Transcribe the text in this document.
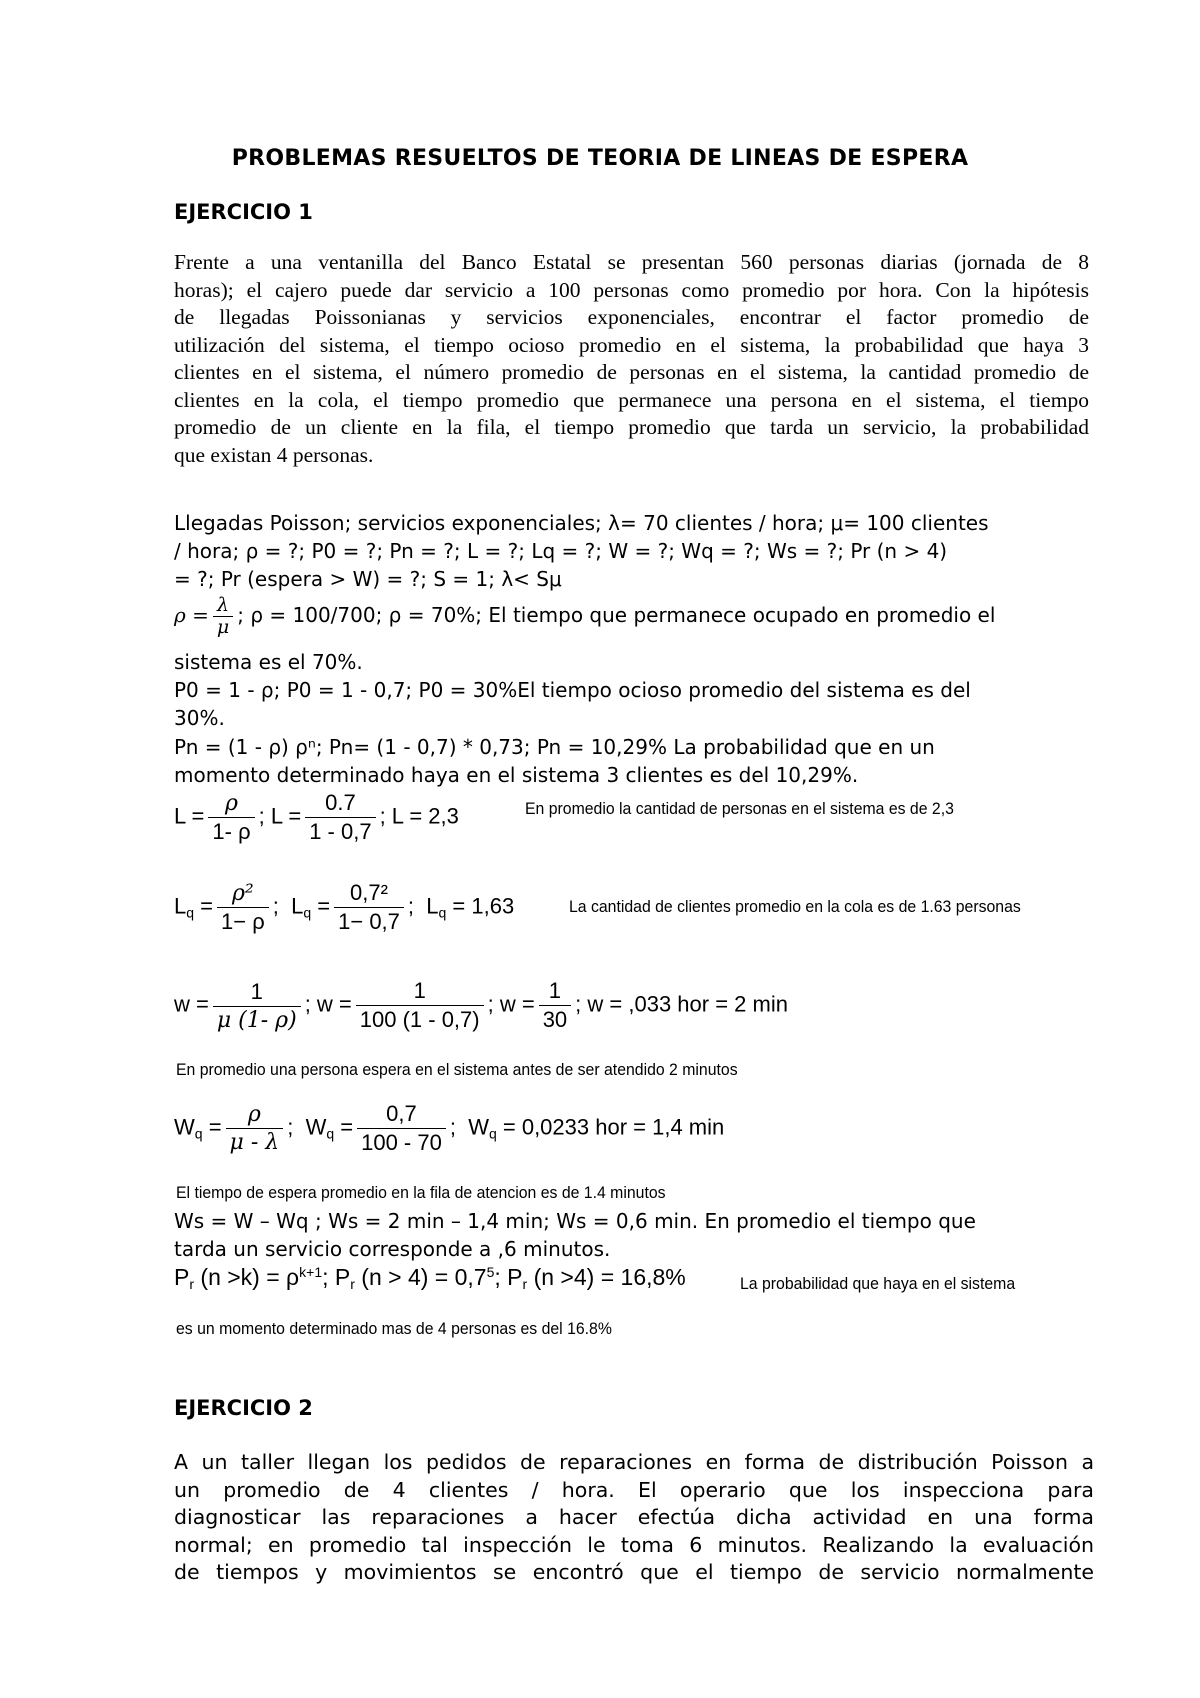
PROBLEMAS RESUELTOS DE TEORIA DE LINEAS DE ESPERA
EJERCICIO 1
Frente a una ventanilla del Banco Estatal se presentan 560 personas diarias (jornada de 8
horas); el cajero puede dar servicio a 100 personas como promedio por hora. Con la hipótesis
de llegadas Poissonianas y servicios exponenciales, encontrar el factor promedio de
utilización del sistema, el tiempo ocioso promedio en el sistema, la probabilidad que haya 3
clientes en el sistema, el número promedio de personas en el sistema, la cantidad promedio de
clientes en la cola, el tiempo promedio que permanece una persona en el sistema, el tiempo
promedio de un cliente en la fila, el tiempo promedio que tarda un servicio, la probabilidad
que existan 4 personas.
Llegadas Poisson; servicios exponenciales; λ= 70 clientes / hora; μ= 100 clientes
/ hora; ρ = ?; P0 = ?; Pn = ?; L = ?; Lq = ?; W = ?; Wq = ?; Ws = ?; Pr (n > 4)
= ?; Pr (espera > W) = ?; S = 1; λ< Sμ
$\rho = \frac{\lambda}{\mu}$ ; ρ = 100/700; ρ = 70%; El tiempo que permanece ocupado en promedio el
sistema es el 70%.
P0 = 1 - ρ; P0 = 1 - 0,7; P0 = 30%El tiempo ocioso promedio del sistema es del
30%.
Pn = (1 - ρ) ρⁿ; Pn= (1 - 0,7) * 0,73; Pn = 10,29% La probabilidad que en un
momento determinado haya en el sistema 3 clientes es del 10,29%.
$L = \frac{\rho}{1- \rho}$ ; $L = \frac{0.7}{1 - 0,7}$ ; L = 2,3	En promedio la cantidad de personas en el sistema es de 2,3
$L_q = \frac{\text{ρ²}}{1- \rho}$ ;  $L_q = \frac{\text{0,7²}}{1- 0,7}$ ;  $L_q = 1,63$	La cantidad de clientes promedio en la cola es de 1.63 personas
$w = \frac{1}{\mu (1- \rho)}$ ; $w = \frac{1}{100 (1 - 0,7)}$ ; $w = \frac{1}{30}$ ; w = ,033 hor = 2 min
En promedio una persona espera en el sistema antes de ser atendido 2 minutos
$W_q = \frac{\rho}{\mu - \lambda}$ ;  $W_q = \frac{0,7}{100 - 70}$ ;  $W_q = 0,0233$ hor = 1,4 min
El tiempo de espera promedio en la fila de atencion es de 1.4 minutos
Ws = W – Wq ; Ws = 2 min – 1,4 min; Ws = 0,6 min. En promedio el tiempo que
tarda un servicio corresponde a ,6 minutos.
$P_r$ $(n >k) = \rho^{k+1}$; $P_r$ $(n > 4) = 0,7^5$; $P_r$ (n >4) = 16,8%	La probabilidad que haya en el sistema
es un momento determinado mas de 4 personas es del 16.8%
EJERCICIO 2
A un taller llegan los pedidos de reparaciones en forma de distribución Poisson a
un promedio de 4 clientes / hora. El operario que los inspecciona para
diagnosticar las reparaciones a hacer efectúa dicha actividad en una forma
normal; en promedio tal inspección le toma 6 minutos. Realizando la evaluación
de tiempos y movimientos se encontró que el tiempo de servicio normalmente
